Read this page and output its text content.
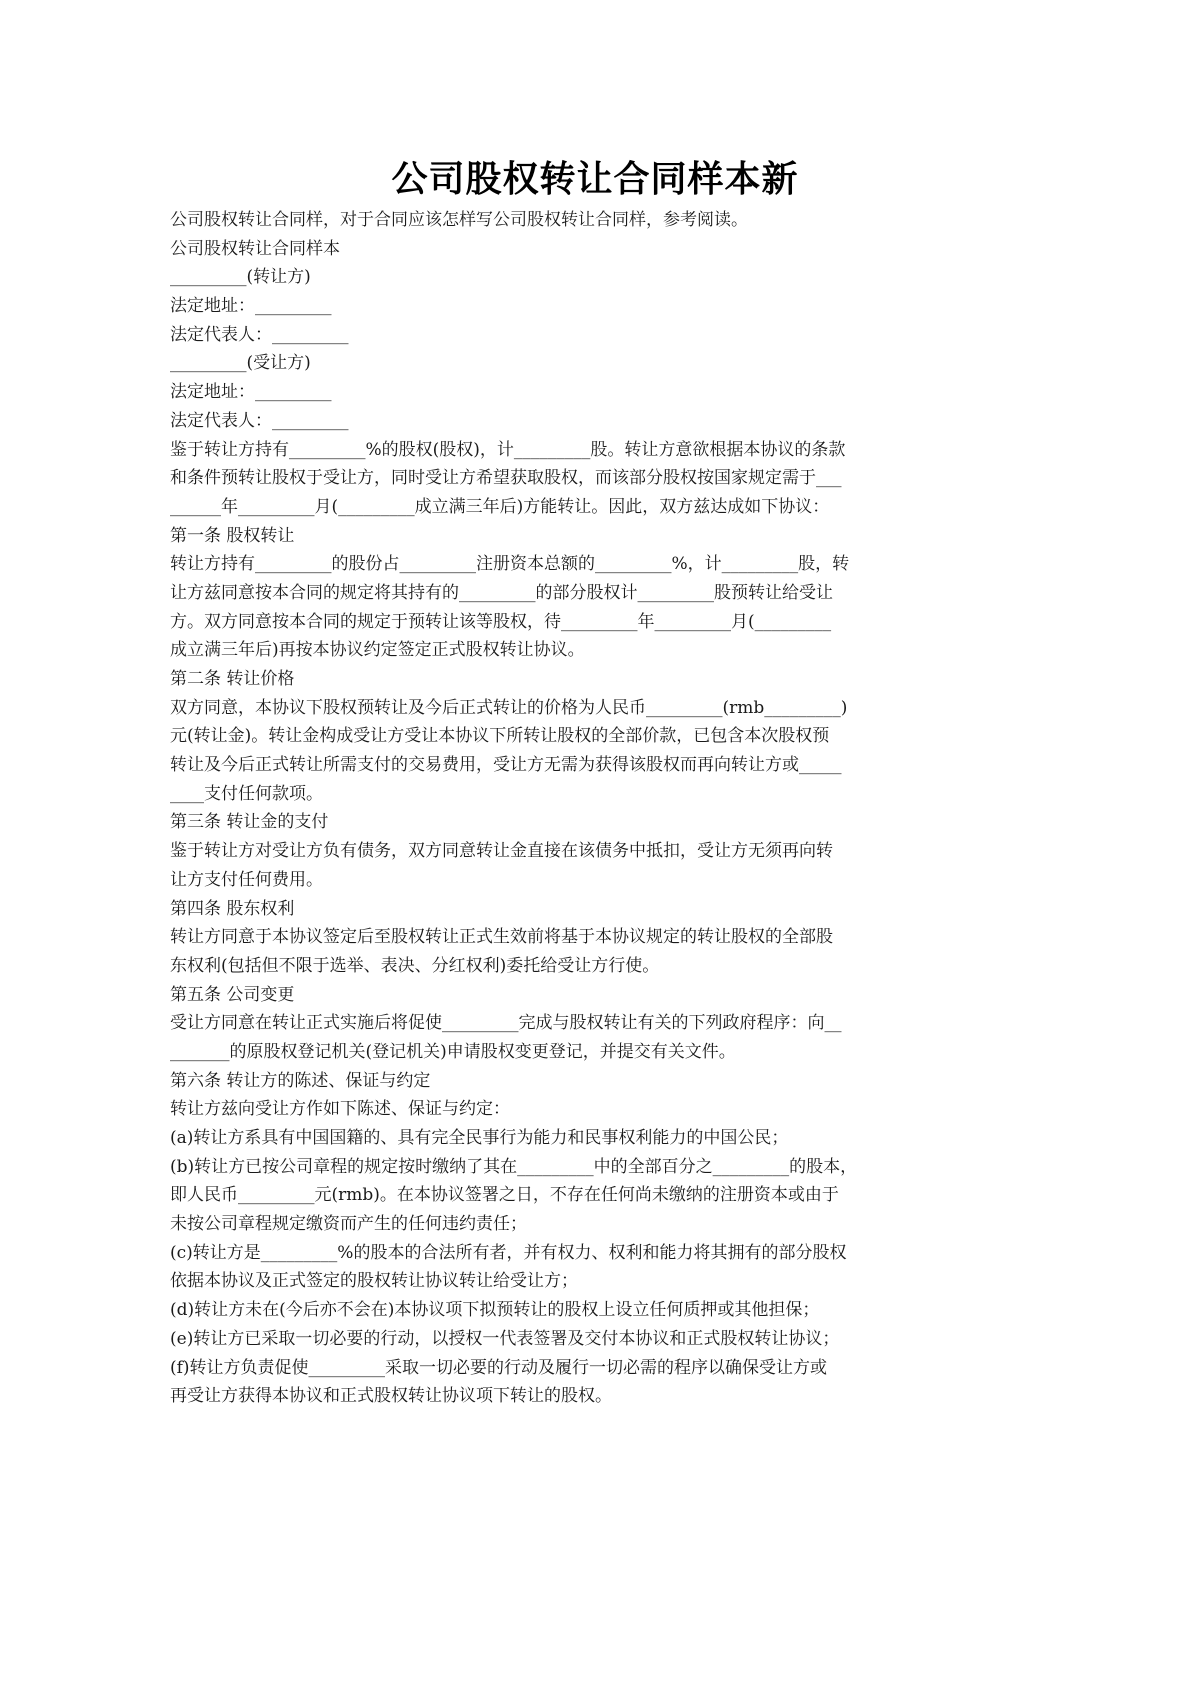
公司股权转让合同样本新
公司股权转让合同样，对于合同应该怎样写公司股权转让合同样，参考阅读。
公司股权转让合同样本
_________(转让方)
法定地址：_________
法定代表人：_________
_________(受让方)
法定地址：_________
法定代表人：_________
鉴于转让方持有_________%的股权(股权)，计_________股。转让方意欲根据本协议的条款
和条件预转让股权于受让方，同时受让方希望获取股权，而该部分股权按国家规定需于___
______年_________月(_________成立满三年后)方能转让。因此，双方兹达成如下协议：
第一条 股权转让
转让方持有_________的股份占_________注册资本总额的_________%，计_________股，转
让方兹同意按本合同的规定将其持有的_________的部分股权计_________股预转让给受让
方。双方同意按本合同的规定于预转让该等股权，待_________年_________月(_________
成立满三年后)再按本协议约定签定正式股权转让协议。
第二条 转让价格
双方同意，本协议下股权预转让及今后正式转让的价格为人民币_________(rmb_________)
元(转让金)。转让金构成受让方受让本协议下所转让股权的全部价款，已包含本次股权预
转让及今后正式转让所需支付的交易费用，受让方无需为获得该股权而再向转让方或_____
____支付任何款项。
第三条 转让金的支付
鉴于转让方对受让方负有债务，双方同意转让金直接在该债务中抵扣，受让方无须再向转
让方支付任何费用。
第四条 股东权利
转让方同意于本协议签定后至股权转让正式生效前将基于本协议规定的转让股权的全部股
东权利(包括但不限于选举、表决、分红权利)委托给受让方行使。
第五条 公司变更
受让方同意在转让正式实施后将促使_________完成与股权转让有关的下列政府程序：向__
_______的原股权登记机关(登记机关)申请股权变更登记，并提交有关文件。
第六条 转让方的陈述、保证与约定
转让方兹向受让方作如下陈述、保证与约定：
(a)转让方系具有中国国籍的、具有完全民事行为能力和民事权利能力的中国公民；
(b)转让方已按公司章程的规定按时缴纳了其在_________中的全部百分之_________的股本，
即人民币_________元(rmb)。在本协议签署之日，不存在任何尚未缴纳的注册资本或由于
未按公司章程规定缴资而产生的任何违约责任；
(c)转让方是_________%的股本的合法所有者，并有权力、权利和能力将其拥有的部分股权
依据本协议及正式签定的股权转让协议转让给受让方；
(d)转让方未在(今后亦不会在)本协议项下拟预转让的股权上设立任何质押或其他担保；
(e)转让方已采取一切必要的行动，以授权一代表签署及交付本协议和正式股权转让协议；
(f)转让方负责促使_________采取一切必要的行动及履行一切必需的程序以确保受让方或
再受让方获得本协议和正式股权转让协议项下转让的股权。
